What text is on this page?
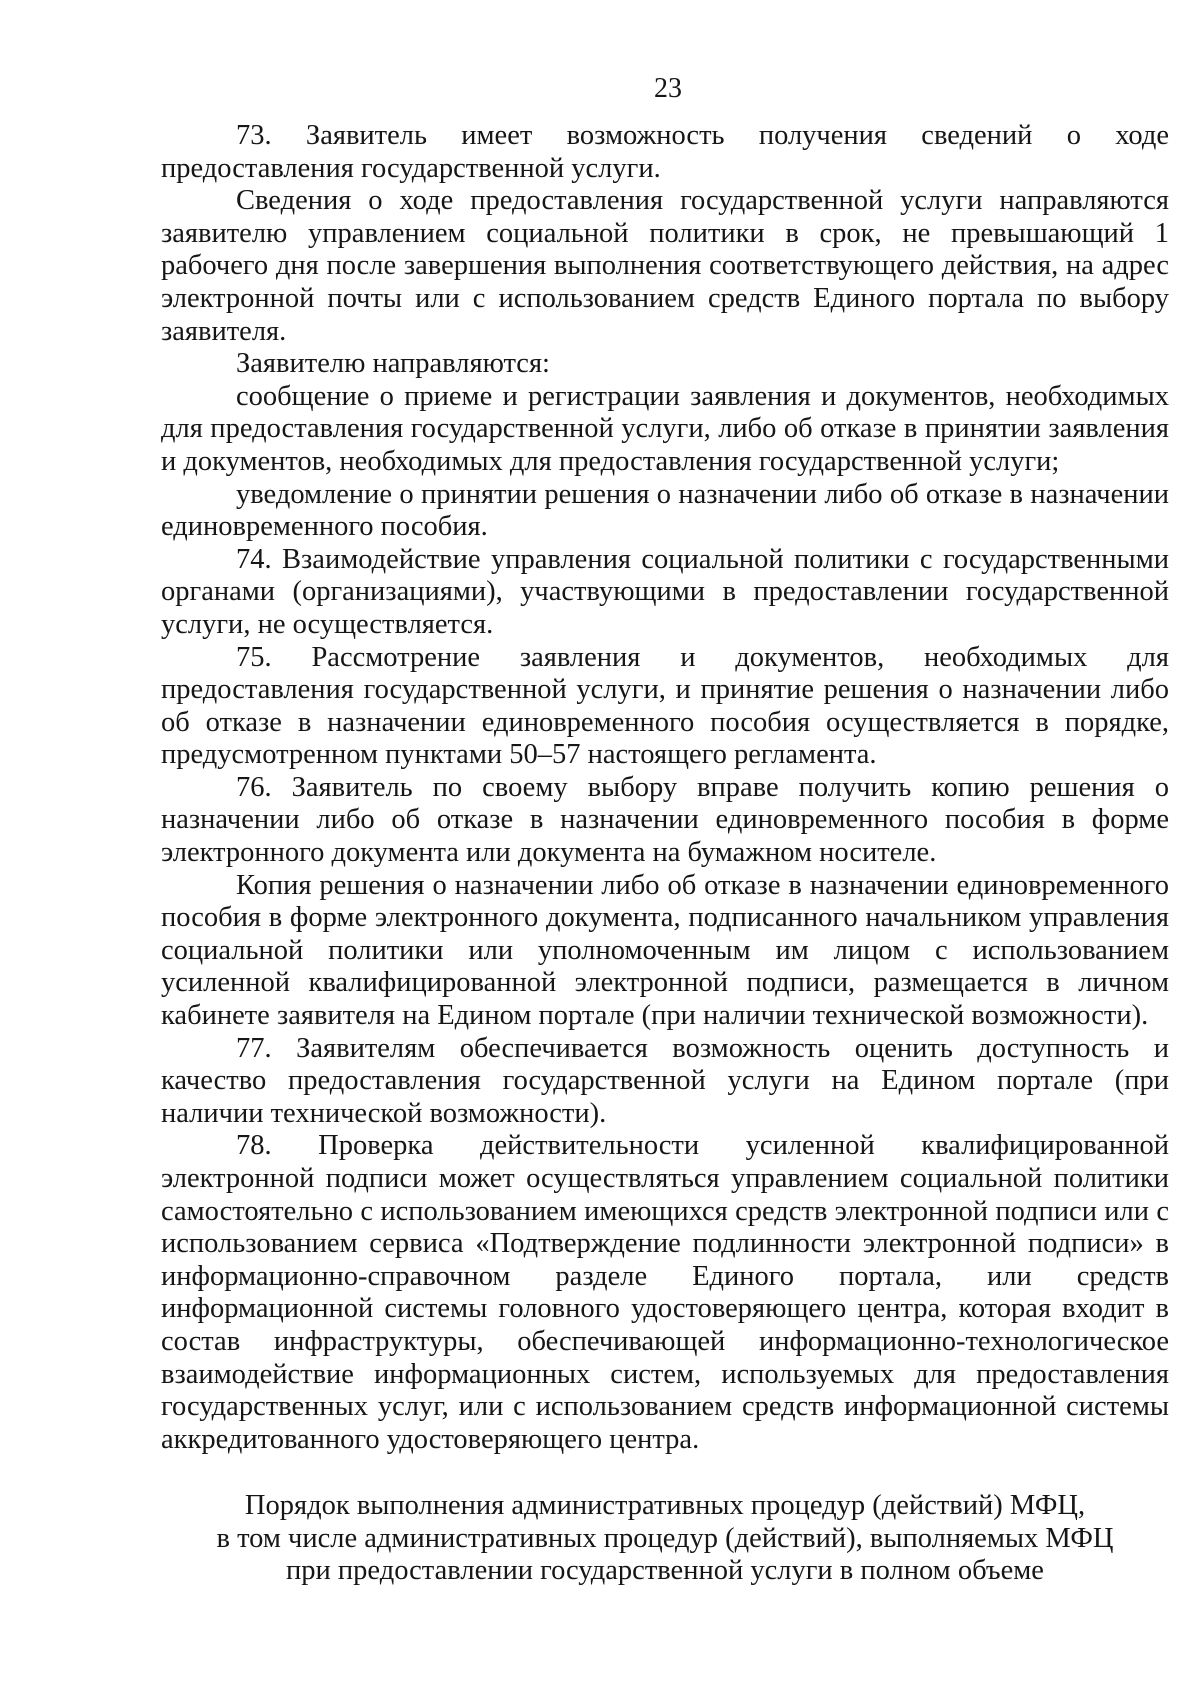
23

73. Заявитель имеет возможность получения сведений о ходе предоставления государственной услуги.

Сведения о ходе предоставления государственной услуги направляются заявителю управлением социальной политики в срок, не превышающий 1 рабочего дня после завершения выполнения соответствующего действия, на адрес электронной почты или с использованием средств Единого портала по выбору заявителя.

Заявителю направляются:

сообщение о приеме и регистрации заявления и документов, необходимых для предоставления государственной услуги, либо об отказе в принятии заявления и документов, необходимых для предоставления государственной услуги;

уведомление о принятии решения о назначении либо об отказе в назначении единовременного пособия.

74. Взаимодействие управления социальной политики с государственными органами (организациями), участвующими в предоставлении государственной услуги, не осуществляется.

75. Рассмотрение заявления и документов, необходимых для предоставления государственной услуги, и принятие решения о назначении либо об отказе в назначении единовременного пособия осуществляется в порядке, предусмотренном пунктами 50–57 настоящего регламента.

76. Заявитель по своему выбору вправе получить копию решения о назначении либо об отказе в назначении единовременного пособия в форме электронного документа или документа на бумажном носителе.

Копия решения о назначении либо об отказе в назначении единовременного пособия в форме электронного документа, подписанного начальником управления социальной политики или уполномоченным им лицом с использованием усиленной квалифицированной электронной подписи, размещается в личном кабинете заявителя на Едином портале (при наличии технической возможности).

77. Заявителям обеспечивается возможность оценить доступность и качество предоставления государственной услуги на Едином портале (при наличии технической возможности).

78. Проверка действительности усиленной квалифицированной электронной подписи может осуществляться управлением социальной политики самостоятельно с использованием имеющихся средств электронной подписи или с использованием сервиса «Подтверждение подлинности электронной подписи» в информационно-справочном разделе Единого портала, или средств информационной системы головного удостоверяющего центра, которая входит в состав инфраструктуры, обеспечивающей информационно-технологическое взаимодействие информационных систем, используемых для предоставления государственных услуг, или с использованием средств информационной системы аккредитованного удостоверяющего центра.

Порядок выполнения административных процедур (действий) МФЦ,
в том числе административных процедур (действий), выполняемых МФЦ
при предоставлении государственной услуги в полном объеме
